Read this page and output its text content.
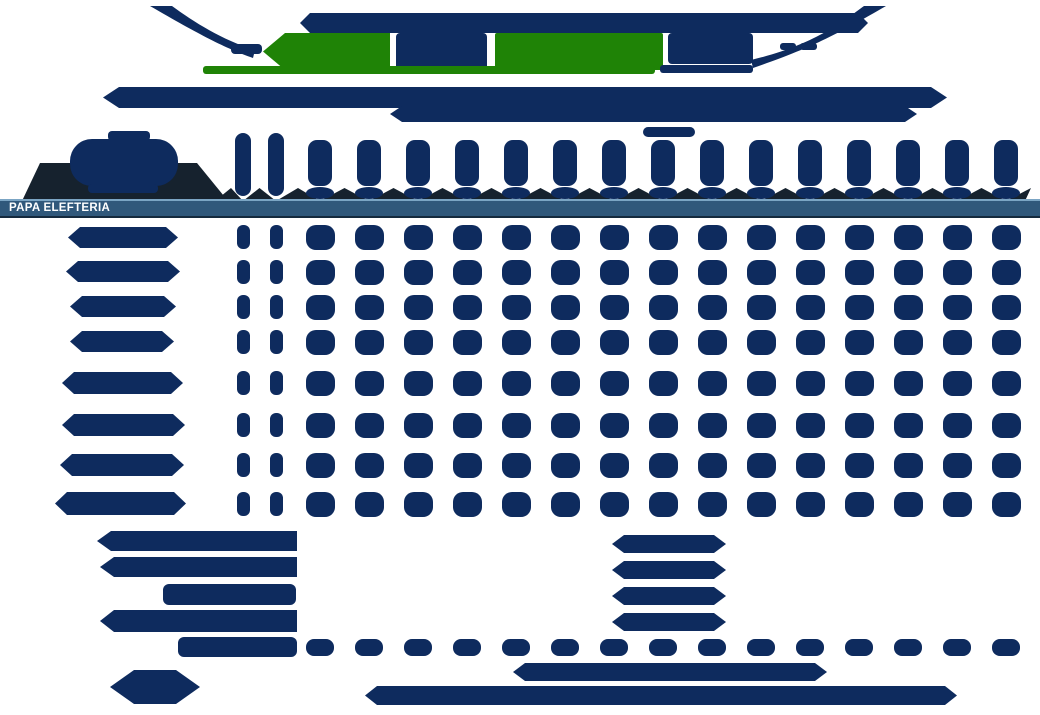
PAPA ELEFTERIA
